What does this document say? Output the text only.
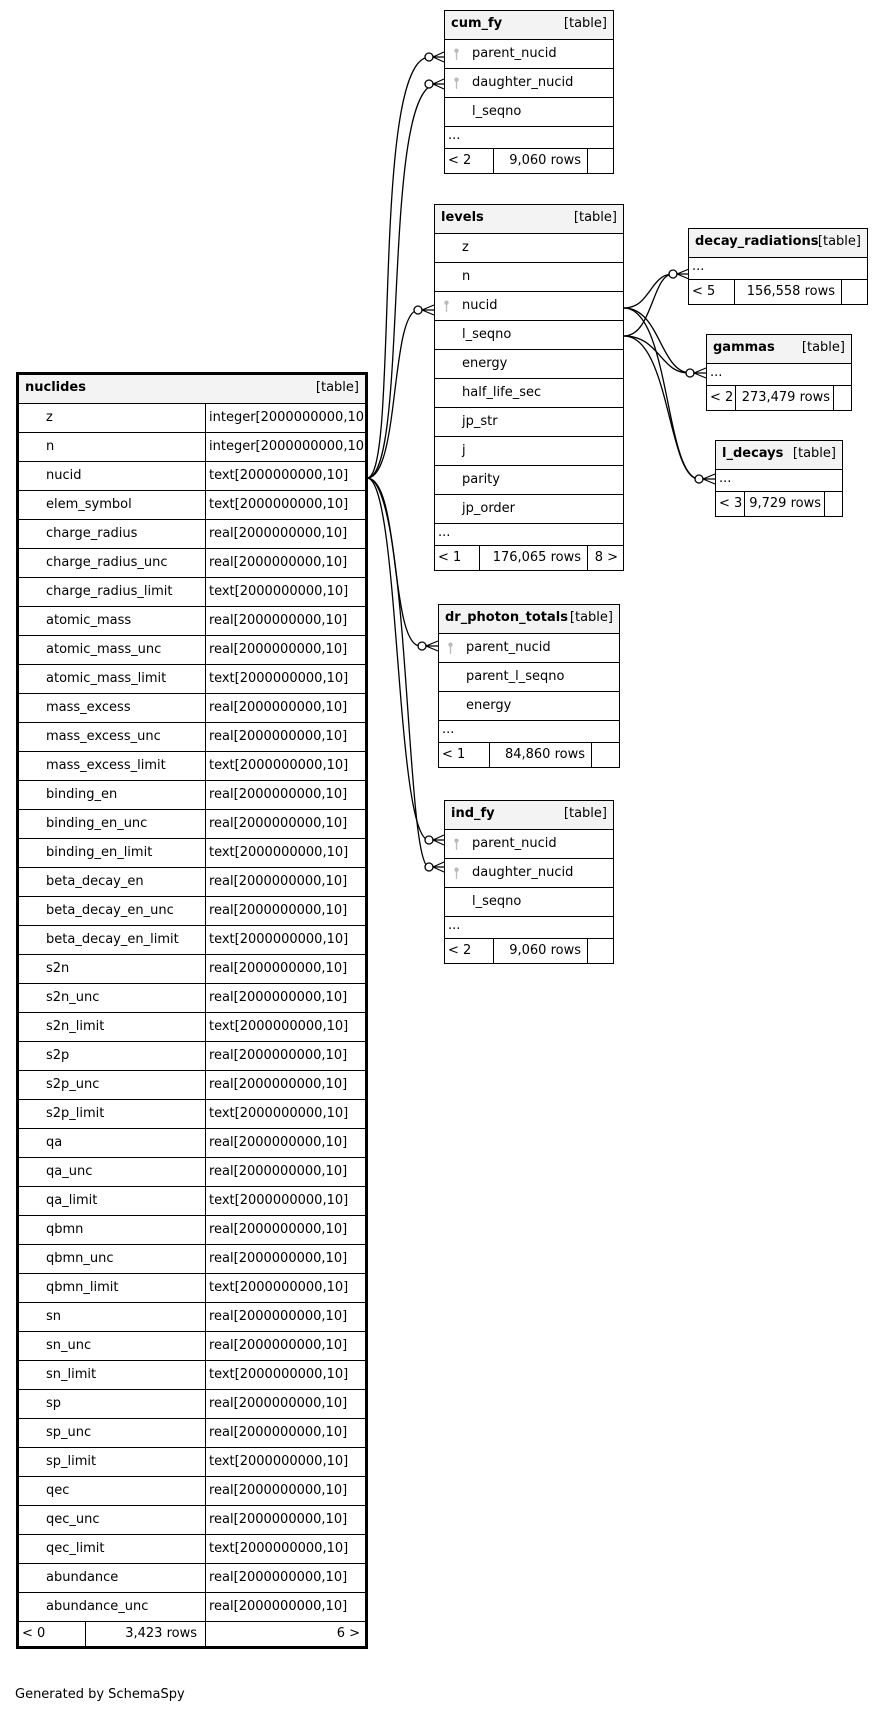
nuclides	[table]
z	integer[2000000000,10]
n	integer[2000000000,10]
nucid	text[2000000000,10]
elem_symbol	text[2000000000,10]
charge_radius	real[2000000000,10]
charge_radius_unc	real[2000000000,10]
charge_radius_limit	text[2000000000,10]
atomic_mass	real[2000000000,10]
atomic_mass_unc	real[2000000000,10]
atomic_mass_limit	text[2000000000,10]
mass_excess	real[2000000000,10]
mass_excess_unc	real[2000000000,10]
mass_excess_limit	text[2000000000,10]
binding_en	real[2000000000,10]
binding_en_unc	real[2000000000,10]
binding_en_limit	text[2000000000,10]
beta_decay_en	real[2000000000,10]
beta_decay_en_unc	real[2000000000,10]
beta_decay_en_limit	text[2000000000,10]
s2n	real[2000000000,10]
s2n_unc	real[2000000000,10]
s2n_limit	text[2000000000,10]
s2p	real[2000000000,10]
s2p_unc	real[2000000000,10]
s2p_limit	text[2000000000,10]
qa	real[2000000000,10]
qa_unc	real[2000000000,10]
qa_limit	text[2000000000,10]
qbmn	real[2000000000,10]
qbmn_unc	real[2000000000,10]
qbmn_limit	text[2000000000,10]
sn	real[2000000000,10]
sn_unc	real[2000000000,10]
sn_limit	text[2000000000,10]
sp	real[2000000000,10]
sp_unc	real[2000000000,10]
sp_limit	text[2000000000,10]
qec	real[2000000000,10]
qec_unc	real[2000000000,10]
qec_limit	text[2000000000,10]
abundance	real[2000000000,10]
abundance_unc	real[2000000000,10]
< 0	3,423 rows	6 >
cum_fy	[table]
parent_nucid
daughter_nucid
l_seqno
...
< 2	9,060 rows
levels	[table]
z
n
nucid
l_seqno
energy
half_life_sec
jp_str
j
parity
jp_order
...
< 1	176,065 rows	8 >
decay_radiations [table]
...
< 5	156,558 rows
gammas [table]
...
< 2 273,479 rows
l_decays [table]
...
< 3 9,729 rows
dr_photon_totals [table]
parent_nucid
parent_l_seqno
energy
...
< 1	84,860 rows
ind_fy	[table]
parent_nucid
daughter_nucid
l_seqno
...
< 2	9,060 rows
Generated by SchemaSpy
